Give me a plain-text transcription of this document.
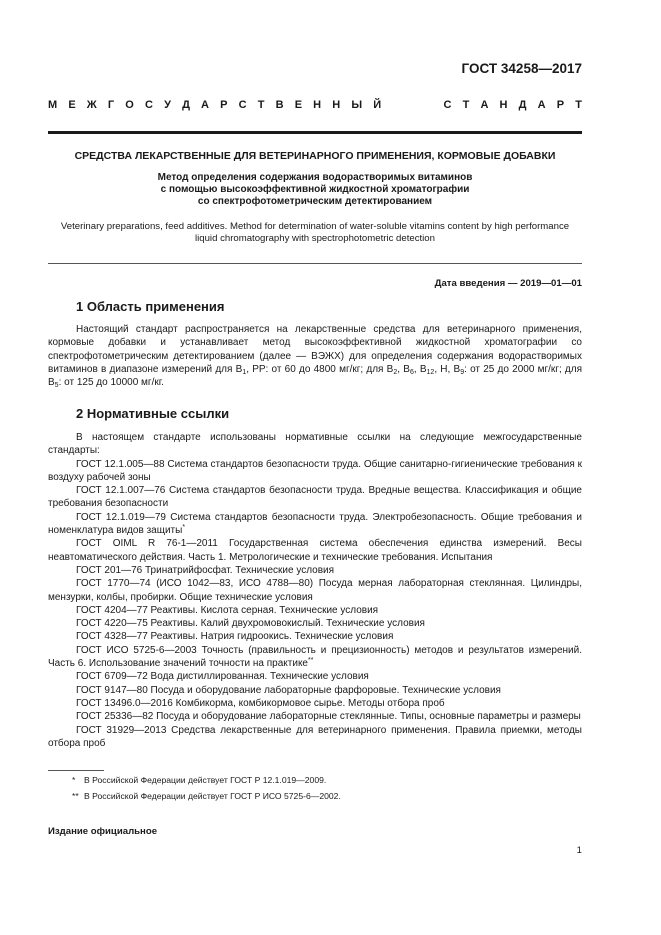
ГОСТ 34258—2017
М Е Ж Г О С У Д А Р С Т В Е Н Н Ы Й	С Т А Н Д А Р Т
СРЕДСТВА ЛЕКАРСТВЕННЫЕ ДЛЯ ВЕТЕРИНАРНОГО ПРИМЕНЕНИЯ, КОРМОВЫЕ ДОБАВКИ
Метод определения содержания водорастворимых витаминов
с помощью высокоэффективной жидкостной хроматографии
со спектрофотометрическим детектированием
Veterinary preparations, feed additives. Method for determination of water-soluble vitamins content by high performance
liquid chromatography with spectrophotometric detection
Дата введения — 2019—01—01
1 Область применения

Настоящий стандарт распространяется на лекарственные средства для ветеринарного применения, кормовые добавки и устанавливает метод высокоэффективной жидкостной хроматографии со спектрофотометрическим детектированием (далее — ВЭЖХ) для определения содержания водорастворимых витаминов в диапазоне измерений для $B_1$, PP: от 60 до 4800 мг/кг; для $B_2$, $B_6$, $B_{12}$, H, $B_9$: от 25 до 2000 мг/кг; для $B_5$: от 125 до 10000 мг/кг.

2 Нормативные ссылки

В настоящем стандарте использованы нормативные ссылки на следующие межгосударственные стандарты:

ГОСТ 12.1.005—88 Система стандартов безопасности труда. Общие санитарно-гигиенические требования к воздуху рабочей зоны

ГОСТ 12.1.007—76 Система стандартов безопасности труда. Вредные вещества. Классификация и общие требования безопасности

ГОСТ 12.1.019—79 Система стандартов безопасности труда. Электробезопасность. Общие требования и номенклатура видов защиты*

ГОСТ OIML R 76-1—2011 Государственная система обеспечения единства измерений. Весы неавтоматического действия. Часть 1. Метрологические и технические требования. Испытания

ГОСТ 201—76 Тринатрийфосфат. Технические условия

ГОСТ 1770—74 (ИСО 1042—83, ИСО 4788—80) Посуда мерная лабораторная стеклянная. Цилиндры, мензурки, колбы, пробирки. Общие технические условия

ГОСТ 4204—77 Реактивы. Кислота серная. Технические условия

ГОСТ 4220—75 Реактивы. Калий двухромовокислый. Технические условия

ГОСТ 4328—77 Реактивы. Натрия гидроокись. Технические условия

ГОСТ ИСО 5725-6—2003 Точность (правильность и прецизионность) методов и результатов измерений. Часть 6. Использование значений точности на практике**

ГОСТ 6709—72 Вода дистиллированная. Технические условия

ГОСТ 9147—80 Посуда и оборудование лабораторные фарфоровые. Технические условия

ГОСТ 13496.0—2016 Комбикорма, комбикормовое сырье. Методы отбора проб

ГОСТ 25336—82 Посуда и оборудование лабораторные стеклянные. Типы, основные параметры и размеры

ГОСТ 31929—2013 Средства лекарственные для ветеринарного применения. Правила приемки, методы отбора проб

* В Российской Федерации действует ГОСТ Р 12.1.019—2009.
** В Российской Федерации действует ГОСТ Р ИСО 5725-6—2002.
Издание официальное
1
